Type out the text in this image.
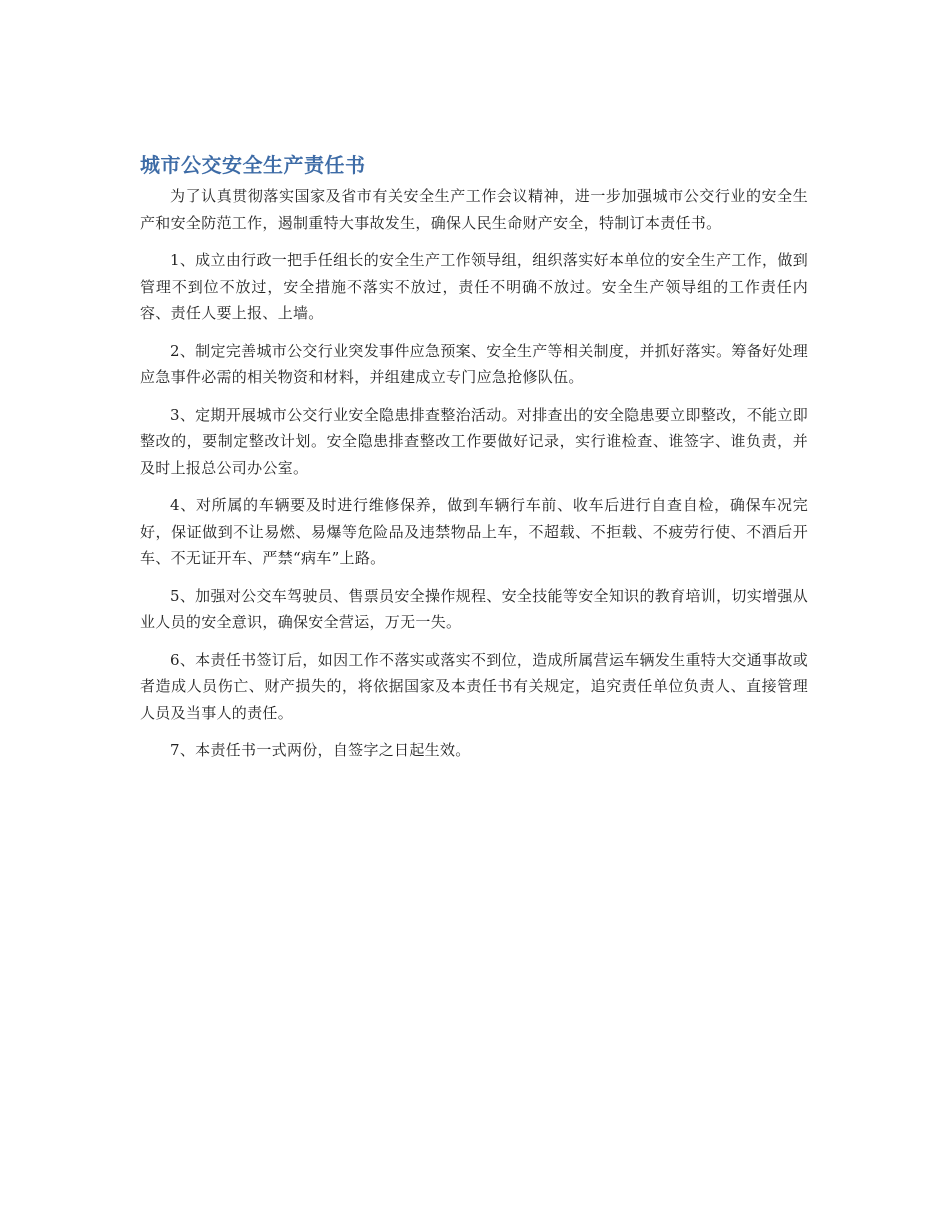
城市公交安全生产责任书

为了认真贯彻落实国家及省市有关安全生产工作会议精神，进一步加强城市公交行业的安全生产和安全防范工作，遏制重特大事故发生，确保人民生命财产安全，特制订本责任书。

1、成立由行政一把手任组长的安全生产工作领导组，组织落实好本单位的安全生产工作，做到管理不到位不放过，安全措施不落实不放过，责任不明确不放过。安全生产领导组的工作责任内容、责任人要上报、上墙。

2、制定完善城市公交行业突发事件应急预案、安全生产等相关制度，并抓好落实。筹备好处理应急事件必需的相关物资和材料，并组建成立专门应急抢修队伍。

3、定期开展城市公交行业安全隐患排查整治活动。对排查出的安全隐患要立即整改，不能立即整改的，要制定整改计划。安全隐患排查整改工作要做好记录，实行谁检查、谁签字、谁负责，并及时上报总公司办公室。

4、对所属的车辆要及时进行维修保养，做到车辆行车前、收车后进行自查自检，确保车况完好，保证做到不让易燃、易爆等危险品及违禁物品上车，不超载、不拒载、不疲劳行使、不酒后开车、不无证开车、严禁“病车”上路。

5、加强对公交车驾驶员、售票员安全操作规程、安全技能等安全知识的教育培训，切实增强从业人员的安全意识，确保安全营运，万无一失。

6、本责任书签订后，如因工作不落实或落实不到位，造成所属营运车辆发生重特大交通事故或者造成人员伤亡、财产损失的，将依据国家及本责任书有关规定，追究责任单位负责人、直接管理人员及当事人的责任。

7、本责任书一式两份，自签字之日起生效。
